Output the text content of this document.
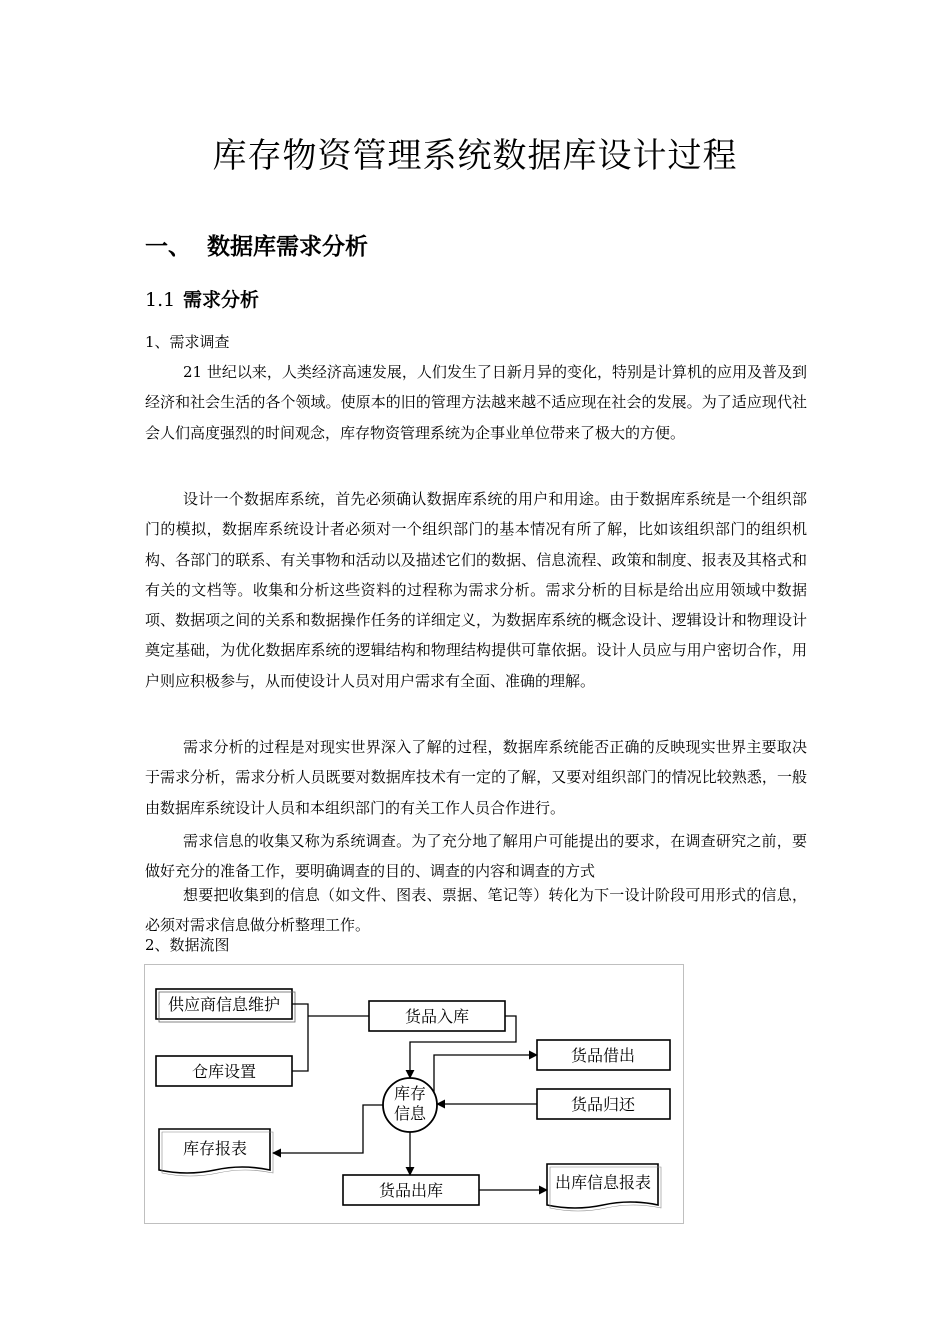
库存物资管理系统数据库设计过程
一、 数据库需求分析
1.1 需求分析

1、需求调查

21 世纪以来，人类经济高速发展，人们发生了日新月异的变化，特别是计算机的应用及普及到经济和社会生活的各个领域。使原本的旧的管理方法越来越不适应现在社会的发展。为了适应现代社会人们高度强烈的时间观念，库存物资管理系统为企事业单位带来了极大的方便。

设计一个数据库系统，首先必须确认数据库系统的用户和用途。由于数据库系统是一个组织部门的模拟，数据库系统设计者必须对一个组织部门的基本情况有所了解，比如该组织部门的组织机构、各部门的联系、有关事物和活动以及描述它们的数据、信息流程、政策和制度、报表及其格式和有关的文档等。收集和分析这些资料的过程称为需求分析。需求分析的目标是给出应用领域中数据项、数据项之间的关系和数据操作任务的详细定义，为数据库系统的概念设计、逻辑设计和物理设计奠定基础，为优化数据库系统的逻辑结构和物理结构提供可靠依据。设计人员应与用户密切合作，用户则应积极参与，从而使设计人员对用户需求有全面、准确的理解。

需求分析的过程是对现实世界深入了解的过程，数据库系统能否正确的反映现实世界主要取决于需求分析，需求分析人员既要对数据库技术有一定的了解，又要对组织部门的情况比较熟悉，一般由数据库系统设计人员和本组织部门的有关工作人员合作进行。

需求信息的收集又称为系统调查。为了充分地了解用户可能提出的要求，在调查研究之前，要做好充分的准备工作，要明确调查的目的、调查的内容和调查的方式

想要把收集到的信息（如文件、图表、票据、笔记等）转化为下一设计阶段可用形式的信息，必须对需求信息做分析整理工作。

2、数据流图

供应商信息维护
仓库设置
货品入库
货品借出
货品归还
货品出库
库存
信息
库存报表
出库信息报表
